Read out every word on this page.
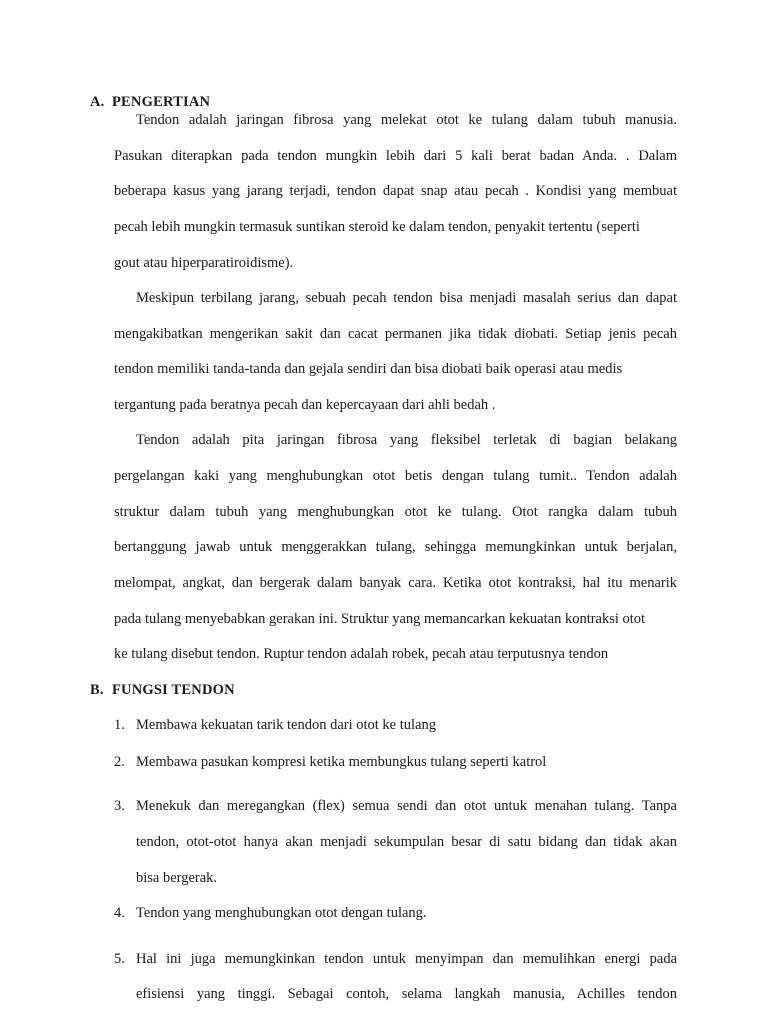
A. PENGERTIAN
Tendon adalah jaringan fibrosa yang melekat otot ke tulang dalam tubuh manusia.
Pasukan diterapkan pada tendon mungkin lebih dari 5 kali berat badan Anda. . Dalam
beberapa kasus yang jarang terjadi, tendon dapat snap atau pecah . Kondisi yang membuat
pecah lebih mungkin termasuk suntikan steroid ke dalam tendon, penyakit tertentu (seperti
gout atau hiperparatiroidisme).
Meskipun terbilang jarang, sebuah pecah tendon bisa menjadi masalah serius dan dapat
mengakibatkan mengerikan sakit dan cacat permanen jika tidak diobati. Setiap jenis pecah
tendon memiliki tanda-tanda dan gejala sendiri dan bisa diobati baik operasi atau medis
tergantung pada beratnya pecah dan kepercayaan dari ahli bedah .
Tendon adalah pita jaringan fibrosa yang fleksibel terletak di bagian belakang
pergelangan kaki yang menghubungkan otot betis dengan tulang tumit.. Tendon adalah
struktur dalam tubuh yang menghubungkan otot ke tulang. Otot rangka dalam tubuh
bertanggung jawab untuk menggerakkan tulang, sehingga memungkinkan untuk berjalan,
melompat, angkat, dan bergerak dalam banyak cara. Ketika otot kontraksi, hal itu menarik
pada tulang menyebabkan gerakan ini. Struktur yang memancarkan kekuatan kontraksi otot
ke tulang disebut tendon. Ruptur tendon adalah robek, pecah atau terputusnya tendon
B. FUNGSI TENDON
1. Membawa kekuatan tarik tendon dari otot ke tulang
2. Membawa pasukan kompresi ketika membungkus tulang seperti katrol
3. Menekuk dan meregangkan (flex) semua sendi dan otot untuk menahan tulang. Tanpa
tendon, otot-otot hanya akan menjadi sekumpulan besar di satu bidang dan tidak akan
bisa bergerak.
4. Tendon yang menghubungkan otot dengan tulang.
5. Hal ini juga memungkinkan tendon untuk menyimpan dan memulihkan energi pada
efisiensi yang tinggi. Sebagai contoh, selama langkah manusia, Achilles tendon
